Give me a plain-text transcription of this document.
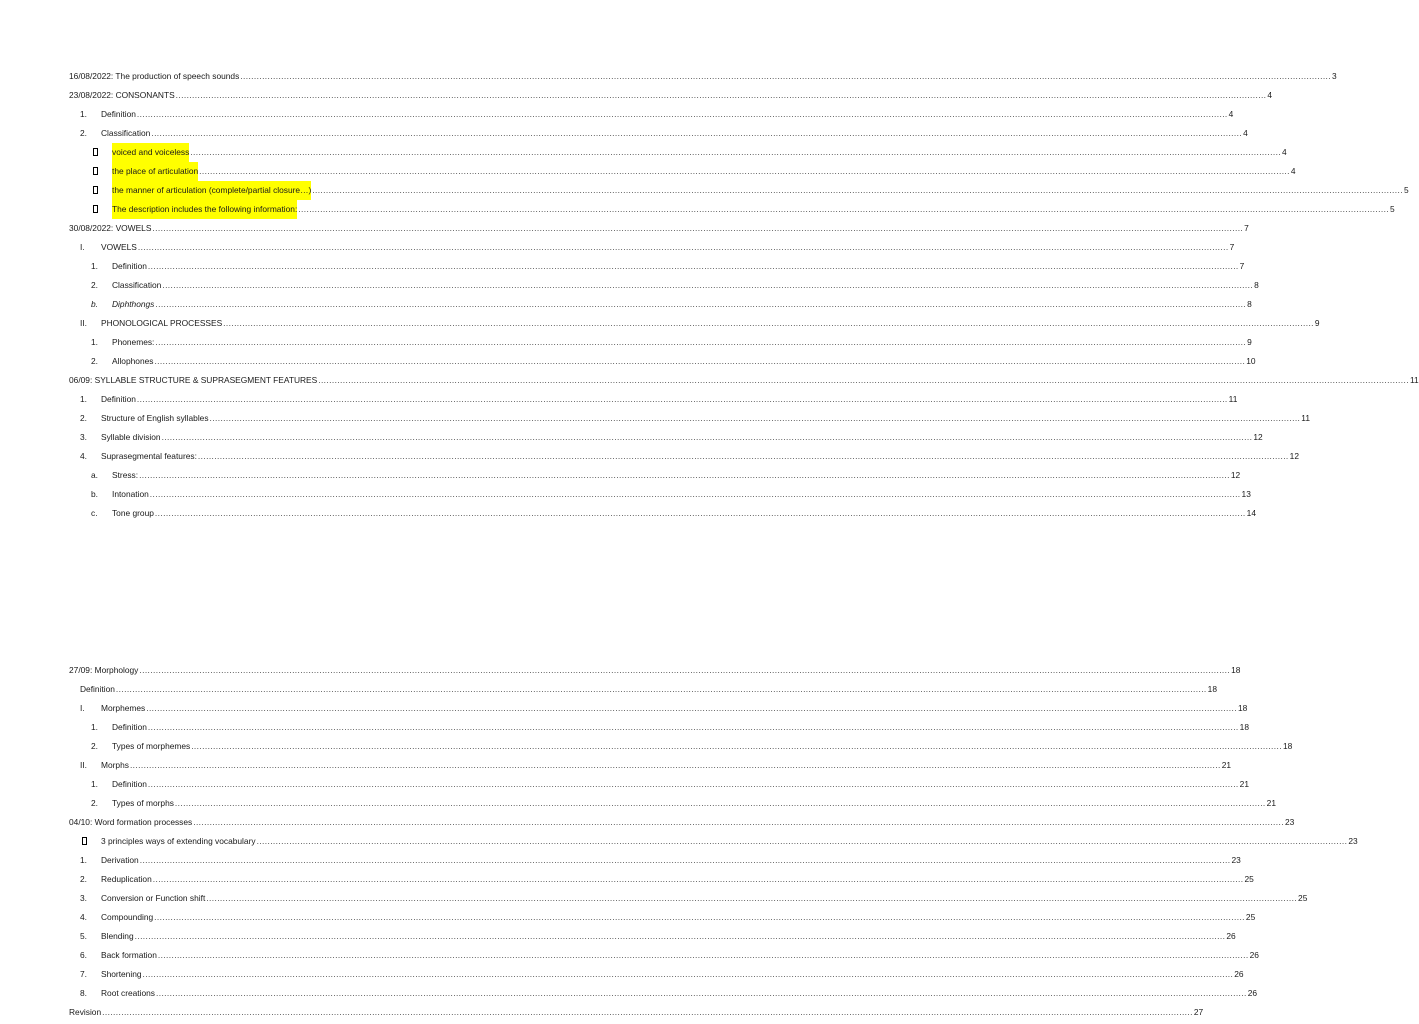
16/08/2022: The production of speech sounds ................................................................................................................................................................................................................................................................................................................................................................................................................ 3
23/08/2022: CONSONANTS ................................................................................................................................................................................................................................................................................................................................................................................................................ 4
1.	Definition ................................................................................................................................................................................................................................................................................................................................................................................................................ 4
2.	Classification ................................................................................................................................................................................................................................................................................................................................................................................................................ 4
voiced and voiceless ................................................................................................................................................................................................................................................................................................................................................................................................................ 4
the place of articulation ................................................................................................................................................................................................................................................................................................................................................................................................................ 4
the manner of articulation (complete/partial closure…) ................................................................................................................................................................................................................................................................................................................................................................................................................ 5
The description includes the following information: ................................................................................................................................................................................................................................................................................................................................................................................................................ 5
30/08/2022: VOWELS ................................................................................................................................................................................................................................................................................................................................................................................................................ 7
I.	VOWELS ................................................................................................................................................................................................................................................................................................................................................................................................................ 7
1.	Definition ................................................................................................................................................................................................................................................................................................................................................................................................................ 7
2.	Classification ................................................................................................................................................................................................................................................................................................................................................................................................................ 8
b.	Diphthongs ................................................................................................................................................................................................................................................................................................................................................................................................................ 8
II.	PHONOLOGICAL PROCESSES ................................................................................................................................................................................................................................................................................................................................................................................................................ 9
1.	Phonemes: ................................................................................................................................................................................................................................................................................................................................................................................................................ 9
2.	Allophones ................................................................................................................................................................................................................................................................................................................................................................................................................ 10
06/09: SYLLABLE STRUCTURE & SUPRASEGMENT FEATURES ................................................................................................................................................................................................................................................................................................................................................................................................................ 11
1.	Definition ................................................................................................................................................................................................................................................................................................................................................................................................................ 11
2.	Structure of English syllables ................................................................................................................................................................................................................................................................................................................................................................................................................ 11
3.	Syllable division ................................................................................................................................................................................................................................................................................................................................................................................................................ 12
4.	Suprasegmental features: ................................................................................................................................................................................................................................................................................................................................................................................................................ 12
a.	Stress: ................................................................................................................................................................................................................................................................................................................................................................................................................ 12
b.	Intonation ................................................................................................................................................................................................................................................................................................................................................................................................................ 13
c.	Tone group ................................................................................................................................................................................................................................................................................................................................................................................................................ 14
27/09: Morphology ................................................................................................................................................................................................................................................................................................................................................................................................................ 18
Definition ................................................................................................................................................................................................................................................................................................................................................................................................................ 18
I.	Morphemes ................................................................................................................................................................................................................................................................................................................................................................................................................ 18
1.	Definition ................................................................................................................................................................................................................................................................................................................................................................................................................ 18
2.	Types of morphemes ................................................................................................................................................................................................................................................................................................................................................................................................................ 18
II.	Morphs ................................................................................................................................................................................................................................................................................................................................................................................................................ 21
1.	Definition ................................................................................................................................................................................................................................................................................................................................................................................................................ 21
2.	Types of morphs ................................................................................................................................................................................................................................................................................................................................................................................................................ 21
04/10: Word formation processes ................................................................................................................................................................................................................................................................................................................................................................................................................ 23
3 principles ways of extending vocabulary ................................................................................................................................................................................................................................................................................................................................................................................................................ 23
1.	Derivation ................................................................................................................................................................................................................................................................................................................................................................................................................ 23
2.	Reduplication ................................................................................................................................................................................................................................................................................................................................................................................................................ 25
3.	Conversion or Function shift ................................................................................................................................................................................................................................................................................................................................................................................................................ 25
4.	Compounding ................................................................................................................................................................................................................................................................................................................................................................................................................ 25
5.	Blending ................................................................................................................................................................................................................................................................................................................................................................................................................ 26
6.	Back formation ................................................................................................................................................................................................................................................................................................................................................................................................................ 26
7.	Shortening ................................................................................................................................................................................................................................................................................................................................................................................................................ 26
8.	Root creations ................................................................................................................................................................................................................................................................................................................................................................................................................ 26
Revision ................................................................................................................................................................................................................................................................................................................................................................................................................ 27
